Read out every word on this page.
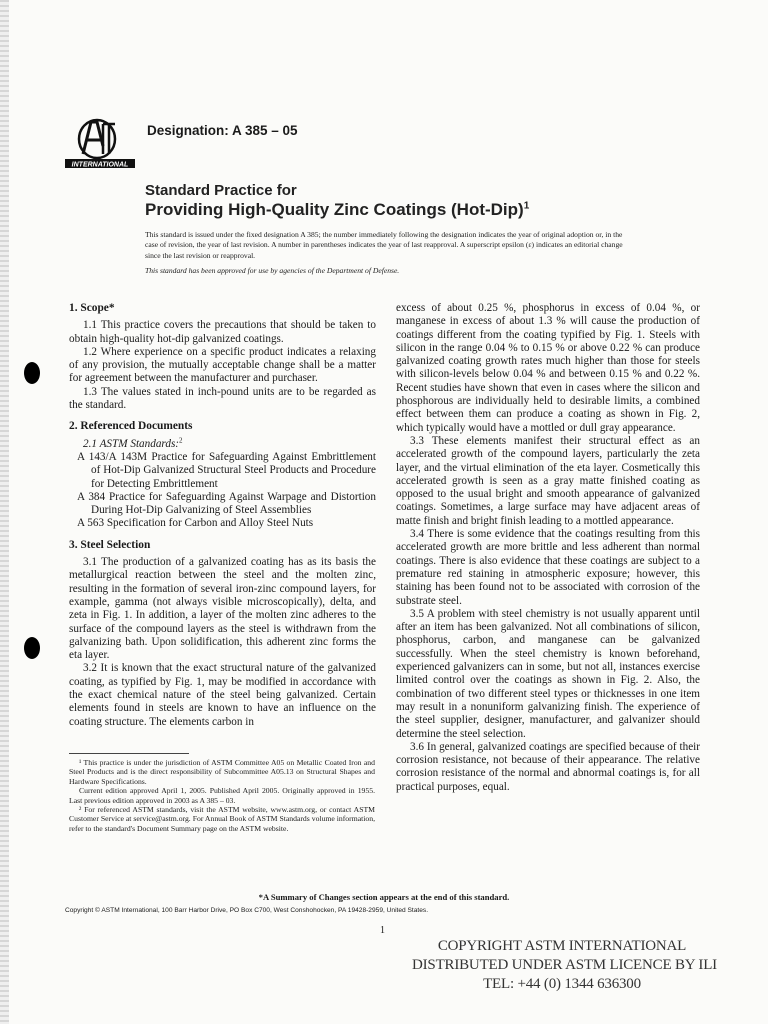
INTERNATIONAL
Designation: A 385 – 05
Standard Practice for
Providing High-Quality Zinc Coatings $(Hot-Dip)^1$

This standard is issued under the fixed designation A 385; the number immediately following the designation indicates the year of original adoption or, in the case of revision, the year of last revision. A number in parentheses indicates the year of last reapproval. A superscript epsilon (ε) indicates an editorial change since the last revision or reapproval.

This standard has been approved for use by agencies of the Department of Defense.

1. Scope*

1.1 This practice covers the precautions that should be taken to obtain high-quality hot-dip galvanized coatings.

1.2 Where experience on a specific product indicates a relaxing of any provision, the mutually acceptable change shall be a matter for agreement between the manufacturer and purchaser.

1.3 The values stated in inch-pound units are to be regarded as the standard.

2. Referenced Documents

2.1 ASTM Standards:$^2$

A 143/A 143M Practice for Safeguarding Against Embrittlement of Hot-Dip Galvanized Structural Steel Products and Procedure for Detecting Embrittlement

A 384 Practice for Safeguarding Against Warpage and Distortion During Hot-Dip Galvanizing of Steel Assemblies

A 563 Specification for Carbon and Alloy Steel Nuts

3. Steel Selection

3.1 The production of a galvanized coating has as its basis the metallurgical reaction between the steel and the molten zinc, resulting in the formation of several iron-zinc compound layers, for example, gamma (not always visible microscopically), delta, and zeta in Fig. 1. In addition, a layer of the molten zinc adheres to the surface of the compound layers as the steel is withdrawn from the galvanizing bath. Upon solidification, this adherent zinc forms the eta layer.

3.2 It is known that the exact structural nature of the galvanized coating, as typified by Fig. 1, may be modified in accordance with the exact chemical nature of the steel being galvanized. Certain elements found in steels are known to have an influence on the coating structure. The elements carbon in

excess of about 0.25 %, phosphorus in excess of 0.04 %, or manganese in excess of about 1.3 % will cause the production of coatings different from the coating typified by Fig. 1. Steels with silicon in the range 0.04 % to 0.15 % or above 0.22 % can produce galvanized coating growth rates much higher than those for steels with silicon-levels below 0.04 % and between 0.15 % and 0.22 %. Recent studies have shown that even in cases where the silicon and phosphorous are individually held to desirable limits, a combined effect between them can produce a coating as shown in Fig. 2, which typically would have a mottled or dull gray appearance.

3.3 These elements manifest their structural effect as an accelerated growth of the compound layers, particularly the zeta layer, and the virtual elimination of the eta layer. Cosmetically this accelerated growth is seen as a gray matte finished coating as opposed to the usual bright and smooth appearance of galvanized coatings. Sometimes, a large surface may have adjacent areas of matte finish and bright finish leading to a mottled appearance.

3.4 There is some evidence that the coatings resulting from this accelerated growth are more brittle and less adherent than normal coatings. There is also evidence that these coatings are subject to a premature red staining in atmospheric exposure; however, this staining has been found not to be associated with corrosion of the substrate steel.

3.5 A problem with steel chemistry is not usually apparent until after an item has been galvanized. Not all combinations of silicon, phosphorus, carbon, and manganese can be galvanized successfully. When the steel chemistry is known beforehand, experienced galvanizers can in some, but not all, instances exercise limited control over the coatings as shown in Fig. 2. Also, the combination of two different steel types or thicknesses in one item may result in a nonuniform galvanizing finish. The experience of the steel supplier, designer, manufacturer, and galvanizer should determine the steel selection.

3.6 In general, galvanized coatings are specified because of their corrosion resistance, not because of their appearance. The relative corrosion resistance of the normal and abnormal coatings is, for all practical purposes, equal.

¹ This practice is under the jurisdiction of ASTM Committee A05 on Metallic Coated Iron and Steel Products and is the direct responsibility of Subcommittee A05.13 on Structural Shapes and Hardware Specifications.

Current edition approved April 1, 2005. Published April 2005. Originally approved in 1955. Last previous edition approved in 2003 as A 385 – 03.

² For referenced ASTM standards, visit the ASTM website, www.astm.org, or contact ASTM Customer Service at service@astm.org. For Annual Book of ASTM Standards volume information, refer to the standard's Document Summary page on the ASTM website.

*A Summary of Changes section appears at the end of this standard.
Copyright © ASTM International, 100 Barr Harbor Drive, PO Box C700, West Conshohocken, PA 19428-2959, United States.
1
COPYRIGHT ASTM INTERNATIONAL
DISTRIBUTED UNDER ASTM LICENCE BY ILI
TEL: +44 (0) 1344 636300
